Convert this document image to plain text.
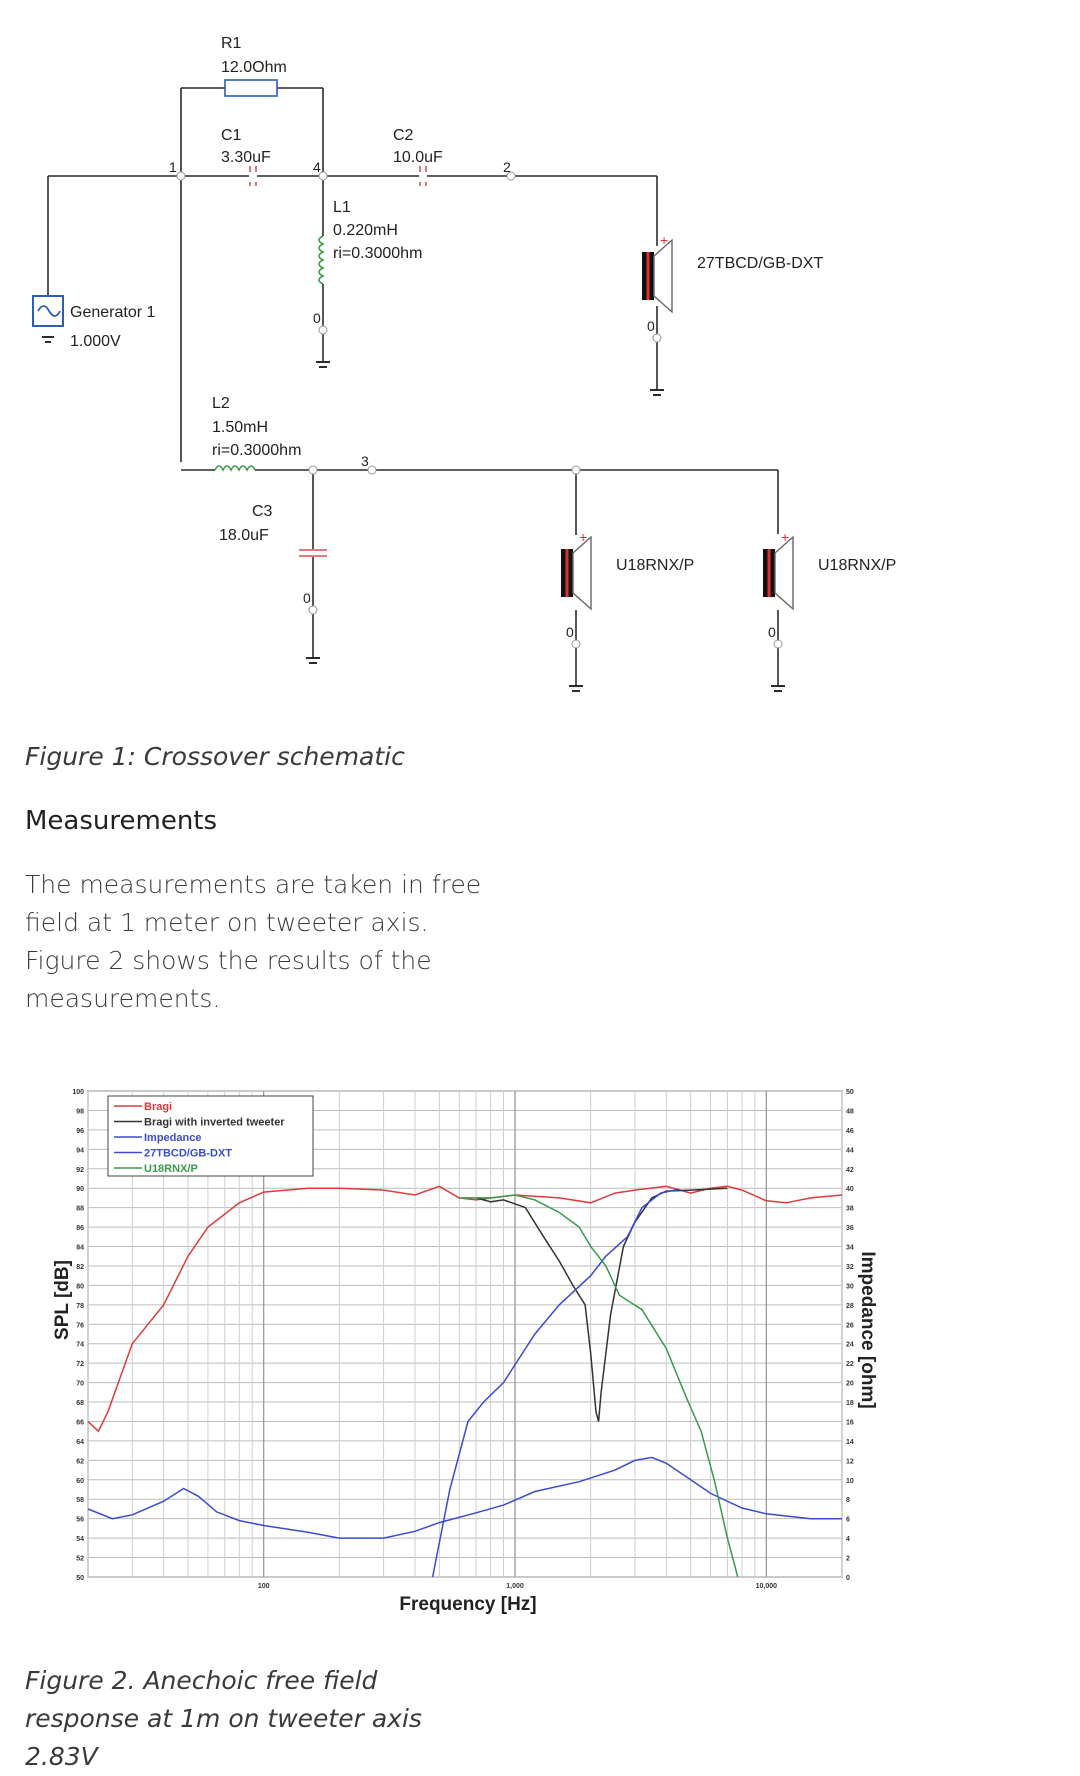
+
+	+
R1
12.0Ohm
C1
3.30uF
C2
10.0uF
L1
0.220mH
ri=0.3000hm
Generator 1
1.000V
27TBCD/GB-DXT
L2
1.50mH
ri=0.3000hm
C3
18.0uF
U18RNX/P	U18RNX/P
1	4	2
3
0	0
0
0	0
Figure 1: Crossover schematic
Measurements
The measurements are taken in free field at 1 meter on tweeter axis. Figure 2 shows the results of the measurements.
100
98
96
94
92
90
88
86
84
82
80
78
76
74
72
70
68
66
64
62
60
58
56
54
52
50
50
48
46
44
42
40
38
36
34
32
30
28
26
24
22
20
18
16
14
12
10
8
6
4
2
0
100	1,000	10,000
Bragi
Bragi with inverted tweeter
Impedance
27TBCD/GB-DXT
U18RNX/P
Frequency [Hz]
SPL [dB]	Impedance [ohm]
Figure 2. Anechoic free field response at 1m on tweeter axis 2.83V
